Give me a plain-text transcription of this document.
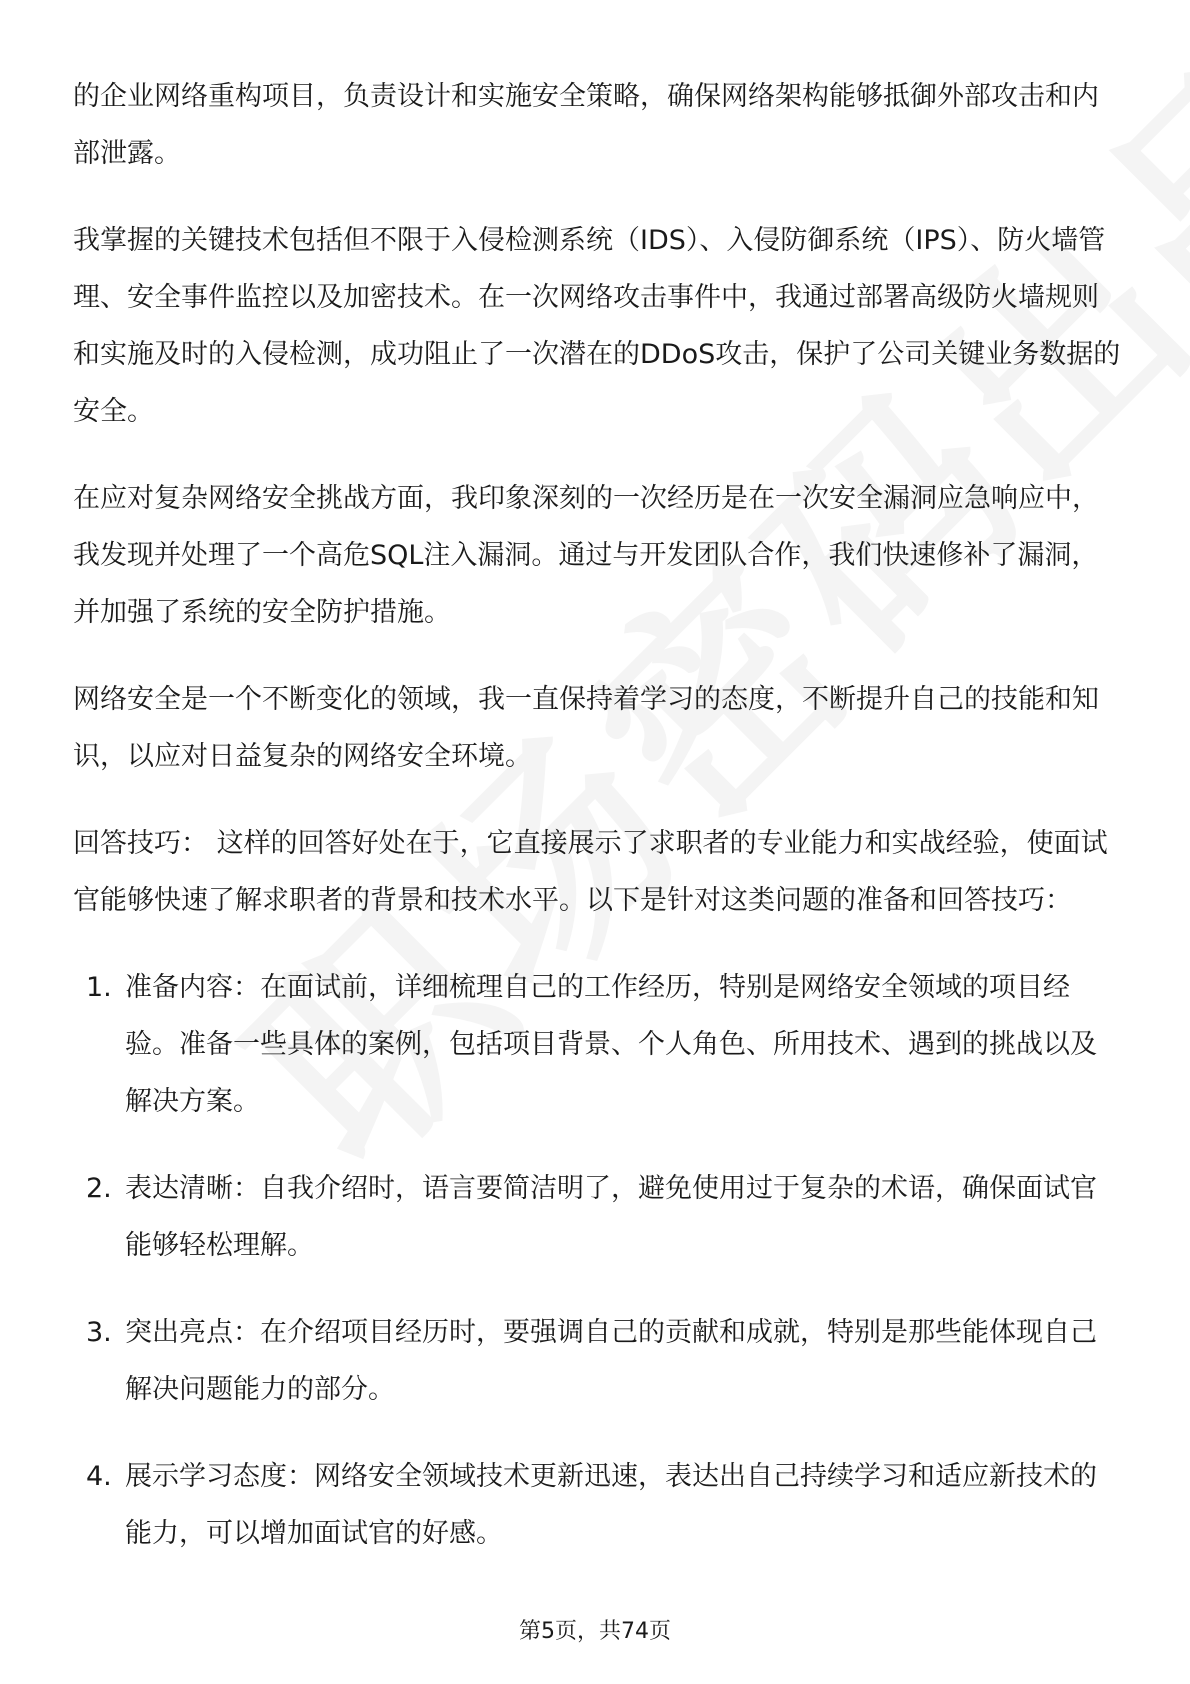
的企业网络重构项目，负责设计和实施安全策略，确保网络架构能够抵御外部攻击和内部泄露。

我掌握的关键技术包括但不限于入侵检测系统（IDS）、入侵防御系统（IPS）、防火墙管理、安全事件监控以及加密技术。在一次网络攻击事件中，我通过部署高级防火墙规则和实施及时的入侵检测，成功阻止了一次潜在的DDoS攻击，保护了公司关键业务数据的安全。

在应对复杂网络安全挑战方面，我印象深刻的一次经历是在一次安全漏洞应急响应中，我发现并处理了一个高危SQL注入漏洞。通过与开发团队合作，我们快速修补了漏洞，并加强了系统的安全防护措施。

网络安全是一个不断变化的领域，我一直保持着学习的态度，不断提升自己的技能和知识，以应对日益复杂的网络安全环境。

回答技巧： 这样的回答好处在于，它直接展示了求职者的专业能力和实战经验，使面试官能够快速了解求职者的背景和技术水平。以下是针对这类问题的准备和回答技巧：

1. 准备内容：在面试前，详细梳理自己的工作经历，特别是网络安全领域的项目经验。准备一些具体的案例，包括项目背景、个人角色、所用技术、遇到的挑战以及解决方案。
2. 表达清晰：自我介绍时，语言要简洁明了，避免使用过于复杂的术语，确保面试官能够轻松理解。
3. 突出亮点：在介绍项目经历时，要强调自己的贡献和成就，特别是那些能体现自己解决问题能力的部分。
4. 展示学习态度：网络安全领域技术更新迅速，表达出自己持续学习和适应新技术的能力，可以增加面试官的好感。
第5页，共74页
